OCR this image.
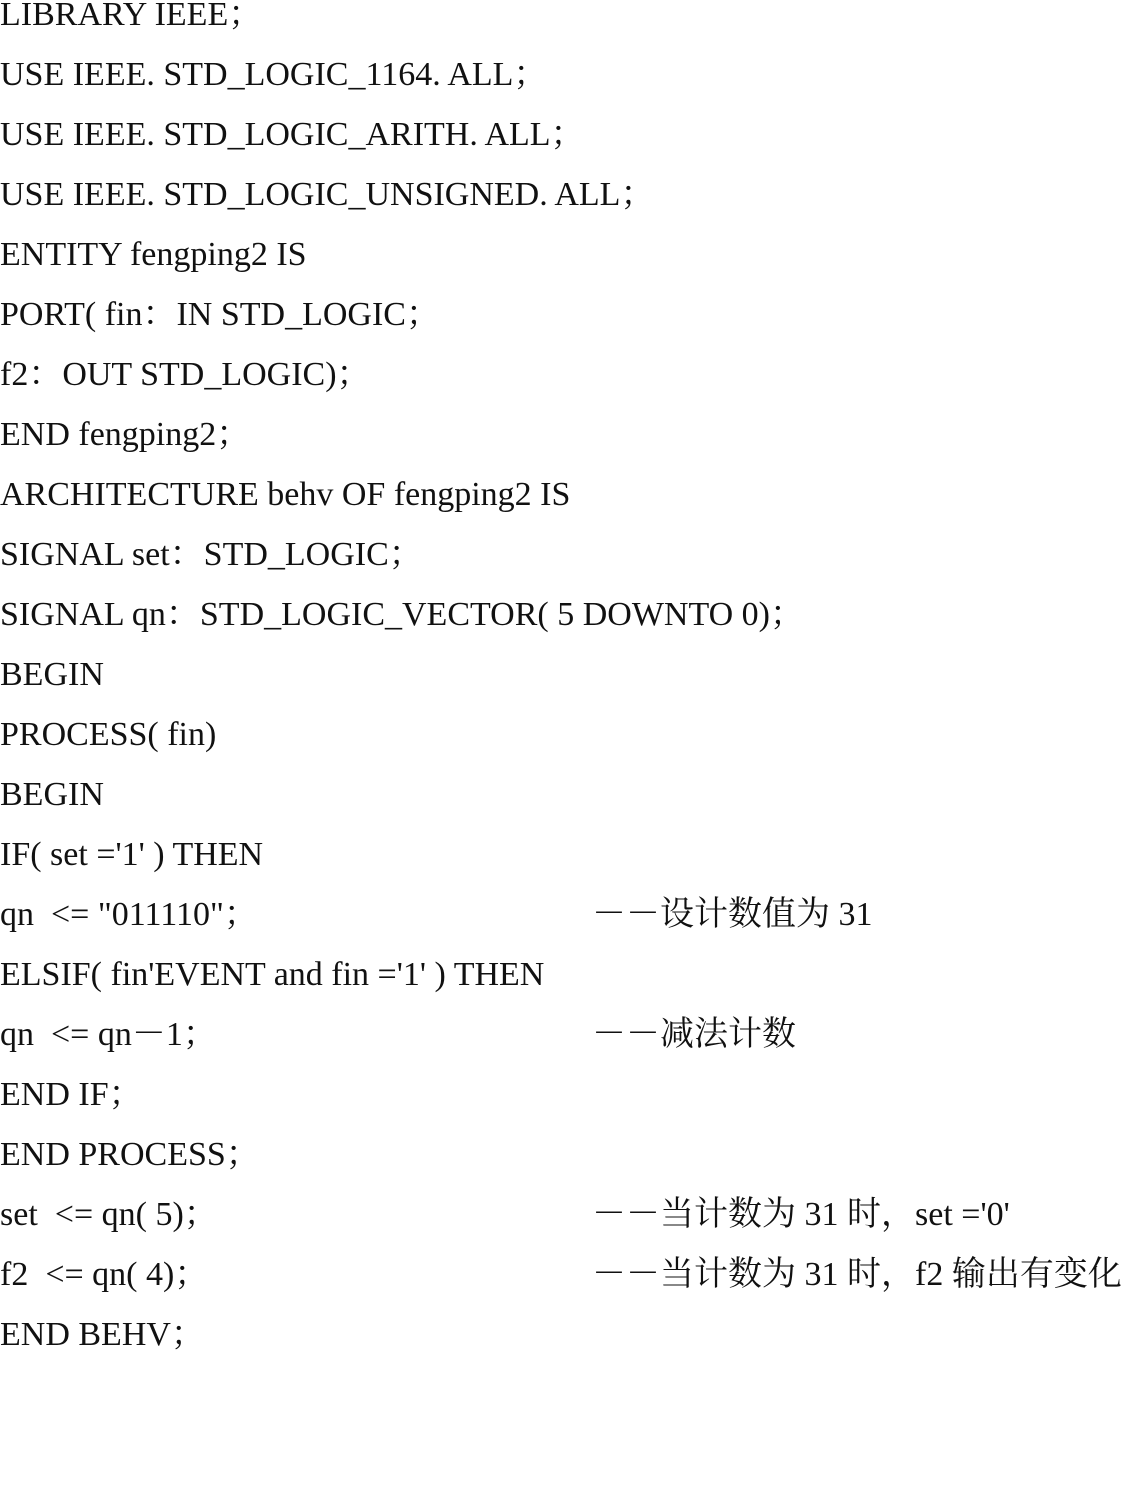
LIBRARY IEEE；

USE IEEE. STD_LOGIC_1164. ALL；

USE IEEE. STD_LOGIC_ARITH. ALL；

USE IEEE. STD_LOGIC_UNSIGNED. ALL；

ENTITY fengping2 IS

PORT( fin：IN STD_LOGIC；

f2：OUT STD_LOGIC)；

END fengping2；

ARCHITECTURE behv OF fengping2 IS

SIGNAL set：STD_LOGIC；

SIGNAL qn：STD_LOGIC_VECTOR( 5 DOWNTO 0)；

BEGIN

PROCESS( fin)

BEGIN

IF( set ='1' ) THEN

qn  <= "011110"；

	－－设计数值为 31

ELSIF( fin'EVENT and fin ='1' ) THEN

qn  <= qn－1；

	－－减法计数

END IF；

END PROCESS；

set  <= qn( 5)；

	－－当计数为 31 时，set ='0'

f2  <= qn( 4)；

	－－当计数为 31 时，f2 输出有变化

END BEHV；
